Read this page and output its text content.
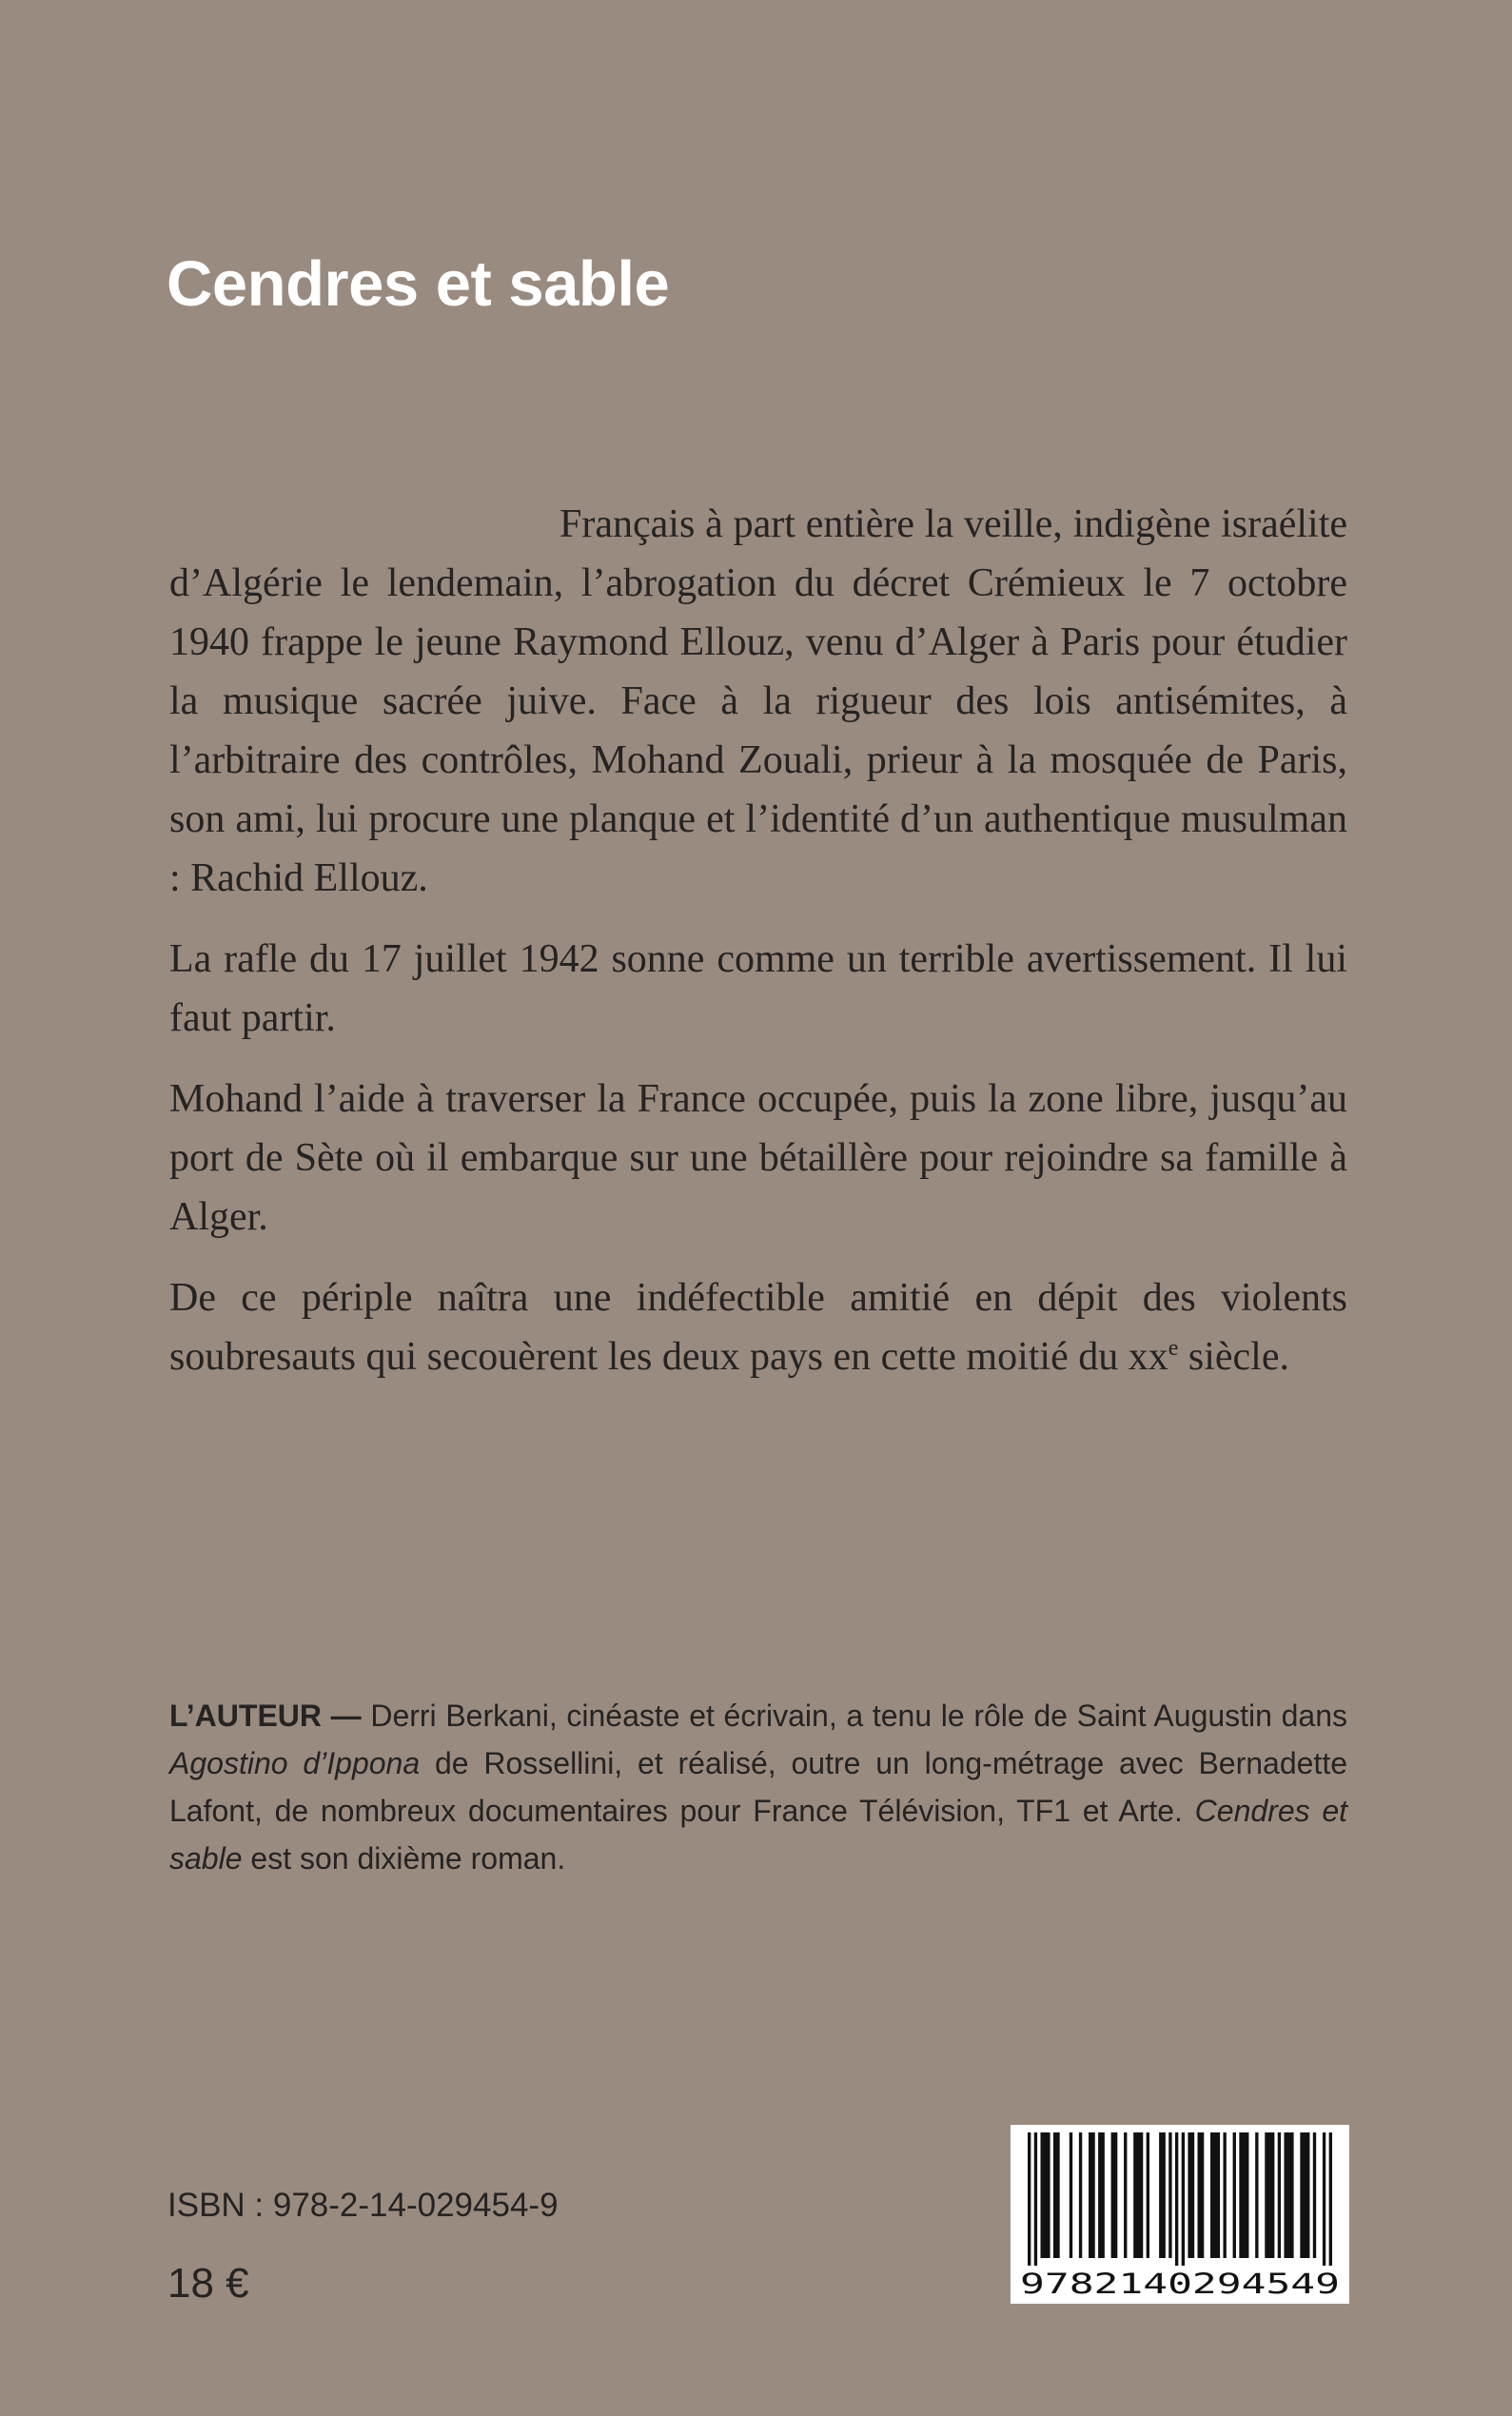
Cendres et sable

Français à part entière la veille, indigène israélite d’Algérie le lendemain, l’abrogation du décret Crémieux le 7 octobre 1940 frappe le jeune Raymond Ellouz, venu d’Alger à Paris pour étudier la musique sacrée juive. Face à la rigueur des lois antisémites, à l’arbitraire des contrôles, Mohand Zouali, prieur à la mosquée de Paris, son ami, lui procure une planque et l’identité d’un authentique musulman : Rachid Ellouz.

La rafle du 17 juillet 1942 sonne comme un terrible avertissement. Il lui faut partir.

Mohand l’aide à traverser la France occupée, puis la zone libre, jusqu’au port de Sète où il embarque sur une bétaillère pour rejoindre sa famille à Alger.

De ce périple naîtra une indéfectible amitié en dépit des violents soubresauts qui secouèrent les deux pays en cette moitié du $xx^e$ siècle.

L’AUTEUR — Derri Berkani, cinéaste et écrivain, a tenu le rôle de Saint Augustin dans Agostino d’Ippona de Rossellini, et réalisé, outre un long-métrage avec Bernadette Lafont, de nombreux documentaires pour France Télévision, TF1 et Arte. Cendres et sable est son dixième roman.

ISBN : 978-2-14-029454-9

18 €	9782140294549
